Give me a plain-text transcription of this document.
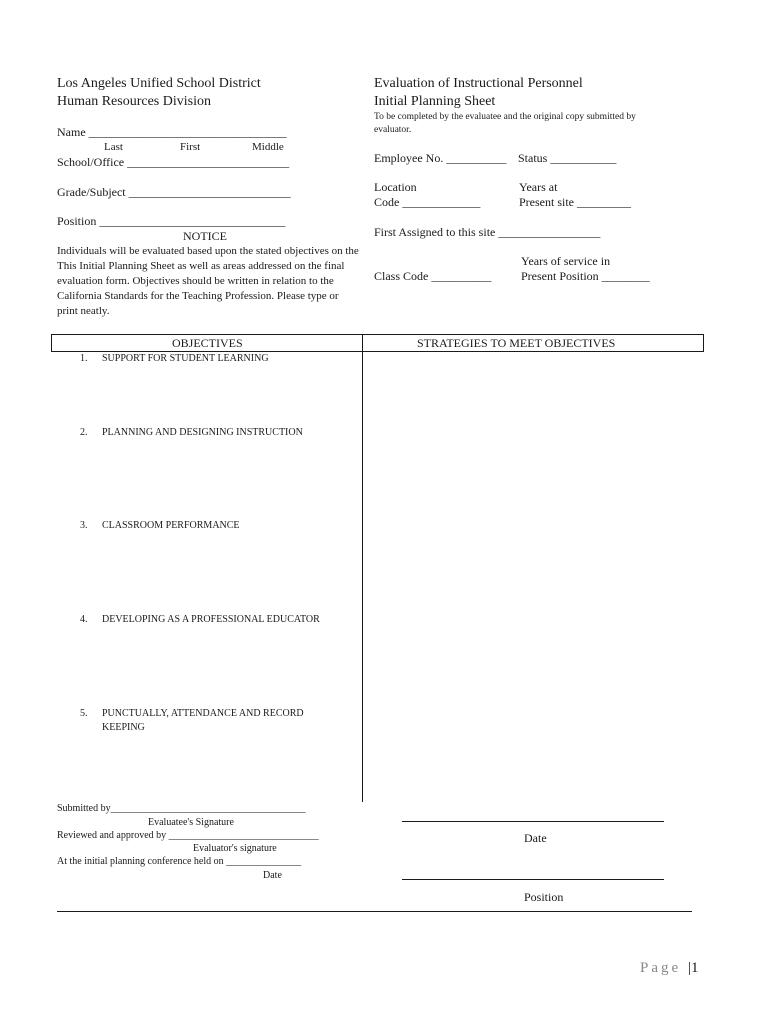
Los Angeles Unified School District
Human Resources Division
Evaluation of Instructional Personnel
Initial Planning Sheet
To be completed by the evaluatee and the original copy submitted by
evaluator.
Name _________________________________
Last	First	Middle
School/Office ___________________________
Grade/Subject ___________________________
Position _______________________________
NOTICE
Individuals will be evaluated based upon the stated objectives on the This Initial Planning Sheet as well as areas addressed on the final evaluation form. Objectives should be written in relation to the California Standards for the Teaching Profession. Please type or print neatly.
Employee No. __________ Status ___________
Location
Code _____________
Years at
Present site _________
First Assigned to this site _________________
Years of service in
Class Code __________ Present Position ________
OBJECTIVES	STRATEGIES TO MEET OBJECTIVES
1. SUPPORT FOR STUDENT LEARNING
2. PLANNING AND DESIGNING INSTRUCTION
3. CLASSROOM PERFORMANCE
4. DEVELOPING AS A PROFESSIONAL EDUCATOR
5. PUNCTUALLY, ATTENDANCE AND RECORD
KEEPING
Submitted by_______________________________________
Evaluatee's Signature
Reviewed and approved by ______________________________
Evaluator's signature
At the initial planning conference held on _______________
Date
Date
Position
Page |1
